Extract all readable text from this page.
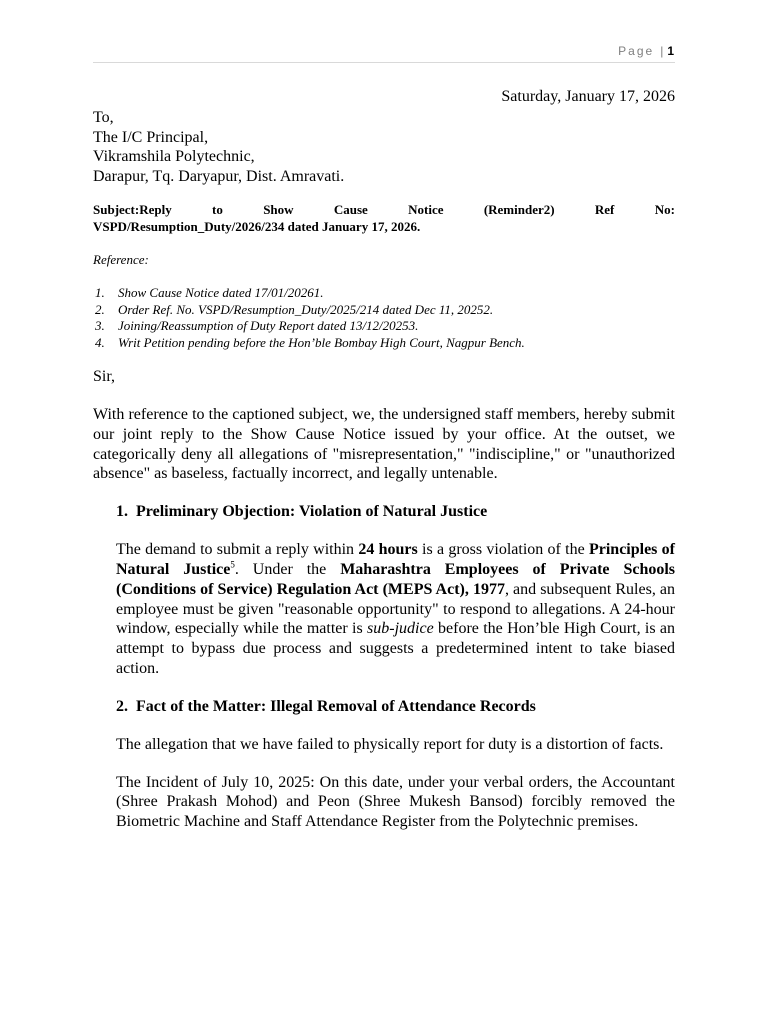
Page | 1
Saturday, January 17, 2026
To,
The I/C Principal,
Vikramshila Polytechnic,
Darapur, Tq. Daryapur, Dist. Amravati.
Subject:Reply	to	Show	Cause	Notice	(Reminder2)	Ref	No:
VSPD/Resumption_Duty/2026/234 dated January 17, 2026.
Reference:
1.	Show Cause Notice dated 17/01/20261.
2.	Order Ref. No. VSPD/Resumption_Duty/2025/214 dated Dec 11, 20252.
3.	Joining/Reassumption of Duty Report dated 13/12/20253.
4.	Writ Petition pending before the Hon’ble Bombay High Court, Nagpur Bench.
Sir,

With reference to the captioned subject, we, the undersigned staff members, hereby submit our joint reply to the Show Cause Notice issued by your office. At the outset, we categorically deny all allegations of "misrepresentation," "indiscipline," or "unauthorized absence" as baseless, factually incorrect, and legally untenable.

1. Preliminary Objection: Violation of Natural Justice

The demand to submit a reply within 24 hours is a gross violation of the Principles of Natural Justice$^5$. Under the Maharashtra Employees of Private Schools (Conditions of Service) Regulation Act (MEPS Act), 1977, and subsequent Rules, an employee must be given "reasonable opportunity" to respond to allegations. A 24-hour window, especially while the matter is sub-judice before the Hon’ble High Court, is an attempt to bypass due process and suggests a predetermined intent to take biased action.

2. Fact of the Matter: Illegal Removal of Attendance Records

The allegation that we have failed to physically report for duty is a distortion of facts.

The Incident of July 10, 2025: On this date, under your verbal orders, the Accountant (Shree Prakash Mohod) and Peon (Shree Mukesh Bansod) forcibly removed the Biometric Machine and Staff Attendance Register from the Polytechnic premises.
